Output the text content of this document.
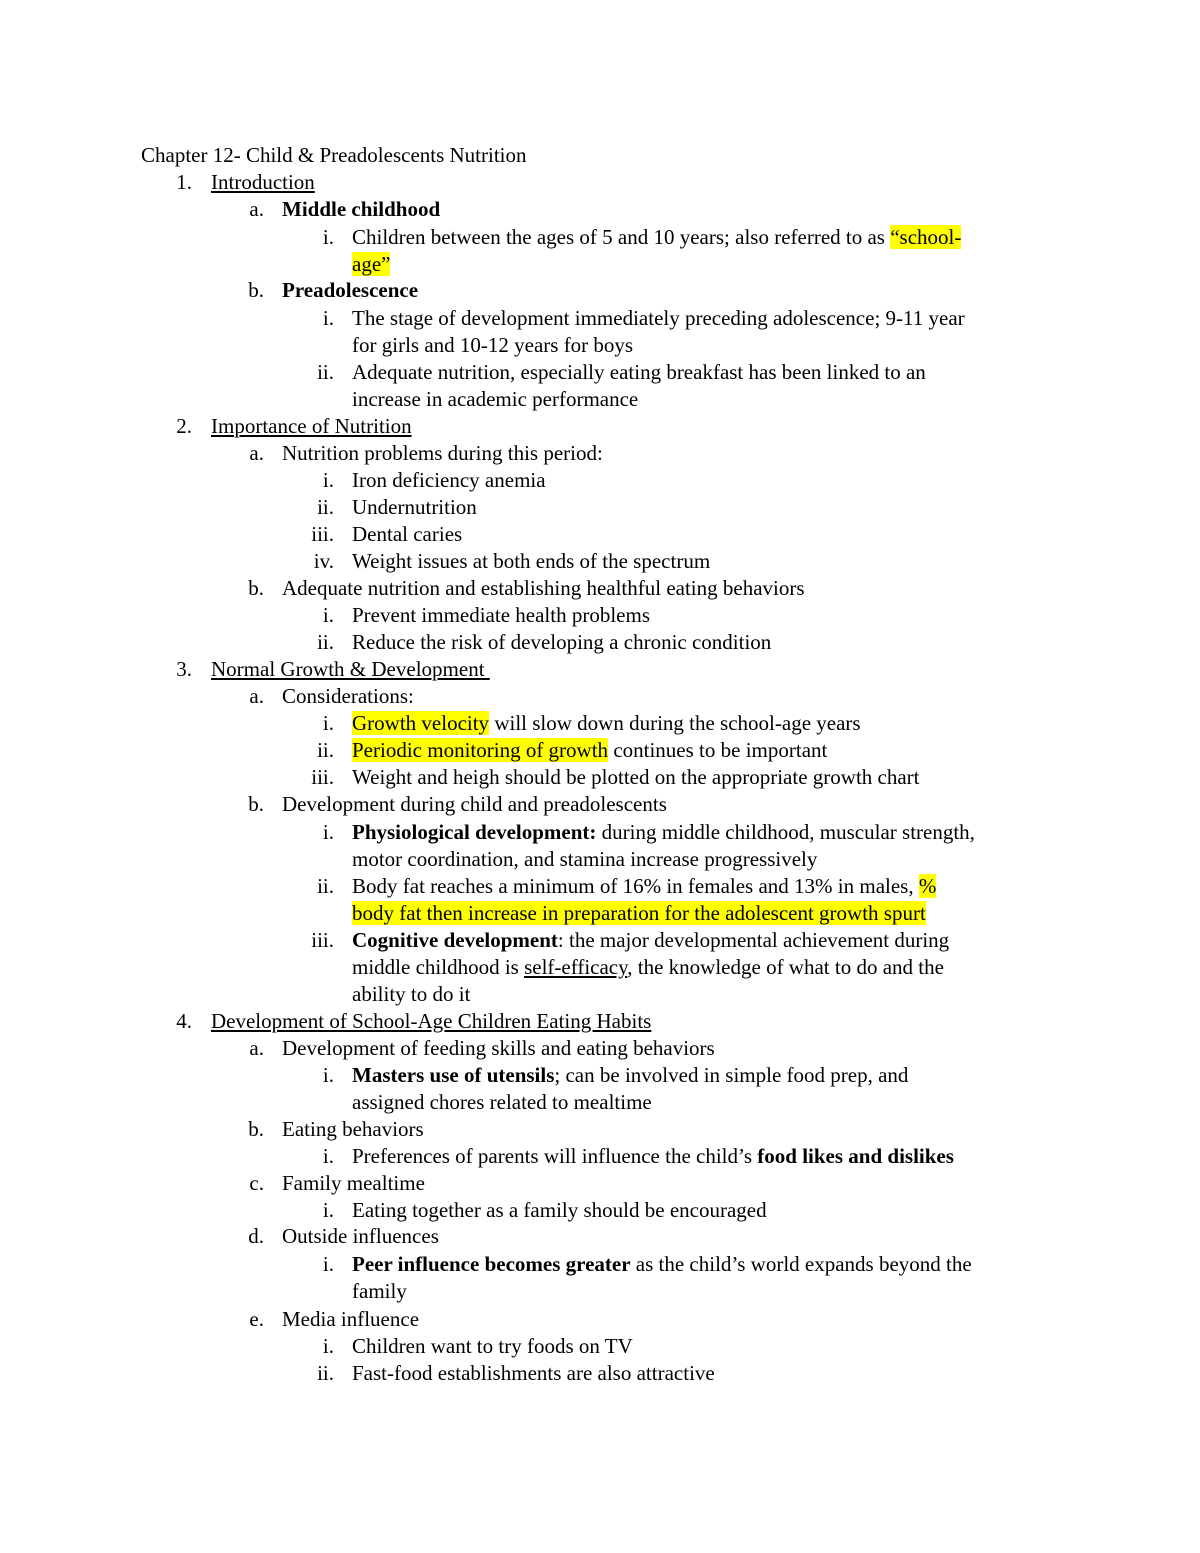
Chapter 12- Child & Preadolescents Nutrition
1. Introduction
a. Middle childhood
i. Children between the ages of 5 and 10 years; also referred to as “school-
age”
b. Preadolescence
i. The stage of development immediately preceding adolescence; 9-11 year
for girls and 10-12 years for boys
ii. Adequate nutrition, especially eating breakfast has been linked to an
increase in academic performance
2. Importance of Nutrition
a. Nutrition problems during this period:
i. Iron deficiency anemia
ii. Undernutrition
iii. Dental caries
iv. Weight issues at both ends of the spectrum
b. Adequate nutrition and establishing healthful eating behaviors
i. Prevent immediate health problems
ii. Reduce the risk of developing a chronic condition
3. Normal Growth & Development
a. Considerations:
i. Growth velocity will slow down during the school-age years
ii. Periodic monitoring of growth continues to be important
iii. Weight and heigh should be plotted on the appropriate growth chart
b. Development during child and preadolescents
i. Physiological development: during middle childhood, muscular strength,
motor coordination, and stamina increase progressively
ii. Body fat reaches a minimum of 16% in females and 13% in males, %
body fat then increase in preparation for the adolescent growth spurt
iii. Cognitive development: the major developmental achievement during
middle childhood is self-efficacy, the knowledge of what to do and the
ability to do it
4. Development of School-Age Children Eating Habits
a. Development of feeding skills and eating behaviors
i. Masters use of utensils; can be involved in simple food prep, and
assigned chores related to mealtime
b. Eating behaviors
i. Preferences of parents will influence the child’s food likes and dislikes
c. Family mealtime
i. Eating together as a family should be encouraged
d. Outside influences
i. Peer influence becomes greater as the child’s world expands beyond the
family
e. Media influence
i. Children want to try foods on TV
ii. Fast-food establishments are also attractive
